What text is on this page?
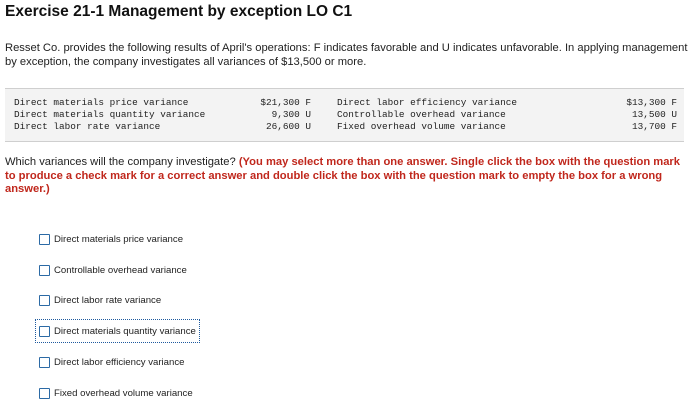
Exercise 21-1 Management by exception LO C1

Resset Co. provides the following results of April's operations: F indicates favorable and U indicates unfavorable. In applying management by exception, the company investigates all variances of $13,500 or more.

Direct materials price variance	$21,300 F	Direct labor efficiency variance	$13,300 F
Direct materials quantity variance	9,300 U	Controllable overhead variance	13,500 U
Direct labor rate variance	26,600 U	Fixed overhead volume variance	13,700 F

Which variances will the company investigate? (You may select more than one answer. Single click the box with the question mark to produce a check mark for a correct answer and double click the box with the question mark to empty the box for a wrong answer.)

Direct materials price variance
Controllable overhead variance
Direct labor rate variance
Direct materials quantity variance
Direct labor efficiency variance
Fixed overhead volume variance
